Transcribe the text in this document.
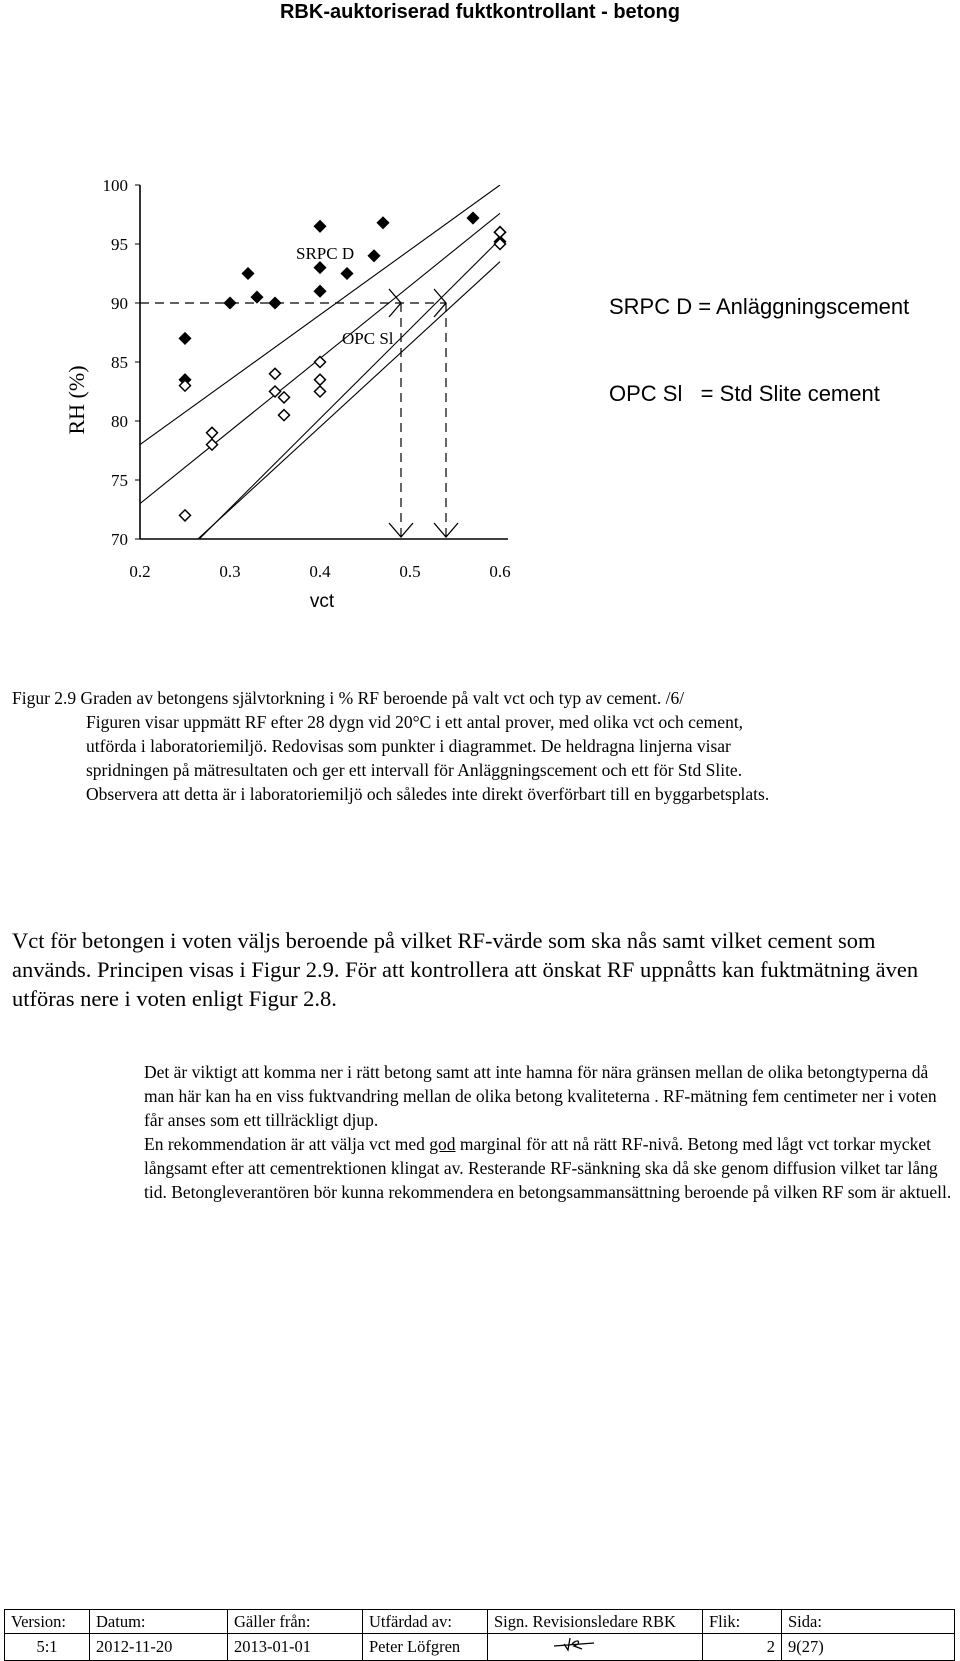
RBK-auktoriserad fuktkontrollant - betong
100
95
90
85
80
75
70
0.2	0.3	0.4	0.5	0.6
vct
RH (%)
SRPC D
OPC Sl

SRPC D = Anläggningscement

OPC Sl   = Std Slite cement

Figur 2.9 Graden av betongens självtorkning i % RF beroende på valt vct och typ av cement. /6/

Figuren visar uppmätt RF efter 28 dygn vid 20°C i ett antal prover, med olika vct och cement,

utförda i laboratoriemiljö. Redovisas som punkter i diagrammet. De heldragna linjerna visar

spridningen på mätresultaten och ger ett intervall för Anläggningscement och ett för Std Slite.

Observera att detta är i laboratoriemiljö och således inte direkt överförbart till en byggarbetsplats.

Vct för betongen i voten väljs beroende på vilket RF-värde som ska nås samt vilket cement som används. Principen visas i Figur 2.9. För att kontrollera att önskat RF uppnåtts kan fuktmätning även utföras nere i voten enligt Figur 2.8.

Det är viktigt att komma ner i rätt betong samt att inte hamna för nära gränsen mellan de olika betongtyperna då man här kan ha en viss fuktvandring mellan de olika betong kvaliteterna . RF-mätning fem centimeter ner i voten får anses som ett tillräckligt djup.

En rekommendation är att välja vct med god marginal för att nå rätt RF-nivå. Betong med lågt vct torkar mycket långsamt efter att cementrektionen klingat av. Resterande RF-sänkning ska då ske genom diffusion vilket tar lång tid. Betongleverantören bör kunna rekommendera en betongsammansättning beroende på vilken RF som är aktuell.

Version:	Datum:	Gäller från:	Utfärdad av:	Sign. Revisionsledare RBK	Flik:	Sida:
5:1	2012-11-20	2013-01-01	Peter Löfgren		2	9(27)
